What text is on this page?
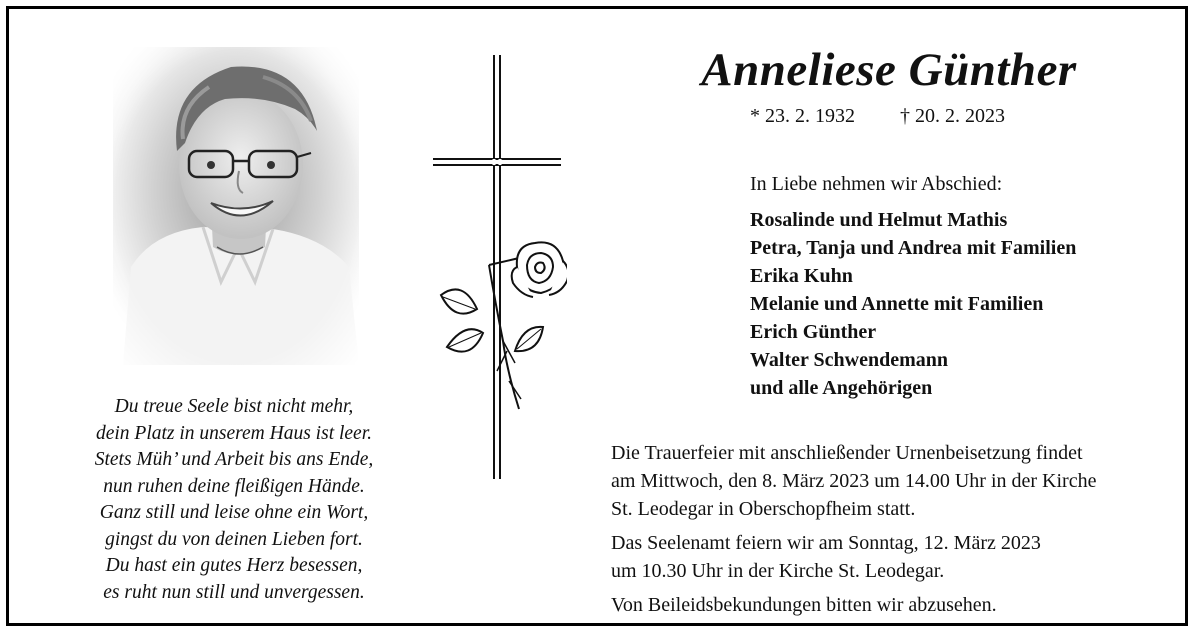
Du treue Seele bist nicht mehr,
dein Platz in unserem Haus ist leer.
Stets Müh’ und Arbeit bis ans Ende,
nun ruhen deine fleißigen Hände.
Ganz still und leise ohne ein Wort,
gingst du von deinen Lieben fort.
Du hast ein gutes Herz besessen,
es ruht nun still und unvergessen.
Anneliese Günther
* 23. 2. 1932 † 20. 2. 2023
In Liebe nehmen wir Abschied:
Rosalinde und Helmut Mathis
Petra, Tanja und Andrea mit Familien
Erika Kuhn
Melanie und Annette mit Familien
Erich Günther
Walter Schwendemann
und alle Angehörigen

Die Trauerfeier mit anschließender Urnenbeisetzung findet
am Mittwoch, den 8. März 2023 um 14.00 Uhr in der Kirche
St. Leodegar in Oberschopfheim statt.

Das Seelenamt feiern wir am Sonntag, 12. März 2023
um 10.30 Uhr in der Kirche St. Leodegar.

Von Beileidsbekundungen bitten wir abzusehen.
